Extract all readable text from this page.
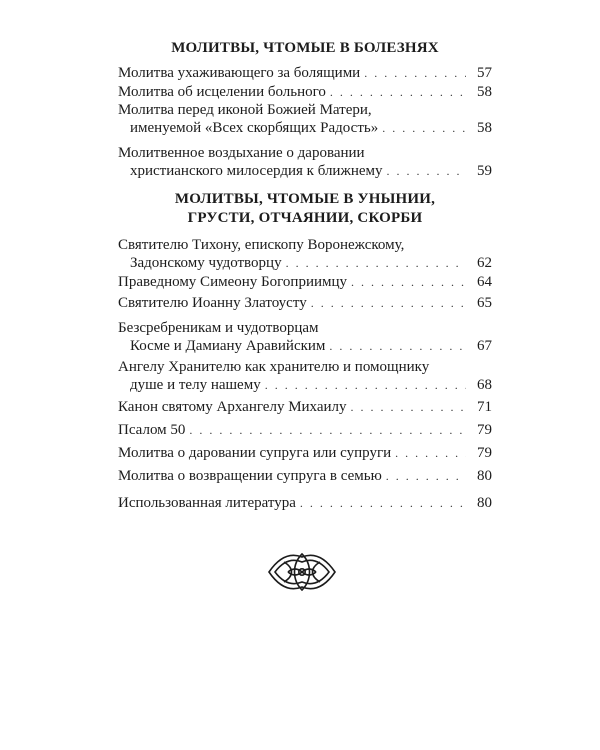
МОЛИТВЫ, ЧТОМЫЕ В БОЛЕЗНЯХ
Молитва ухаживающего за болящими . . .	57
Молитва об исцелении больного . . .	58
Молитва перед иконой Божией Матери,
именуемой «Всех скорбящих Радость» . . .	58
Молитвенное воздыхание о даровании
христианского милосердия к ближнему . . .	59
МОЛИТВЫ, ЧТОМЫЕ В УНЫНИИ,
ГРУСТИ, ОТЧАЯНИИ, СКОРБИ
Святителю Тихону, епископу Воронежскому,
Задонскому чудотворцу . . .	62
Праведному Симеону Богоприимцу . . .	64
Святителю Иоанну Златоусту . . .	65
Безсребреникам и чудотворцам
Косме и Дамиану Аравийским . . .	67
Ангелу Хранителю как хранителю и помощнику
душе и телу нашему . . .	68
Канон святому Архангелу Михаилу . . .	71
Псалом 50 . . .	79
Молитва о даровании супруга или супруги . . .	79
Молитва о возвращении супруга в семью . . .	80
Использованная литература . . .	80
